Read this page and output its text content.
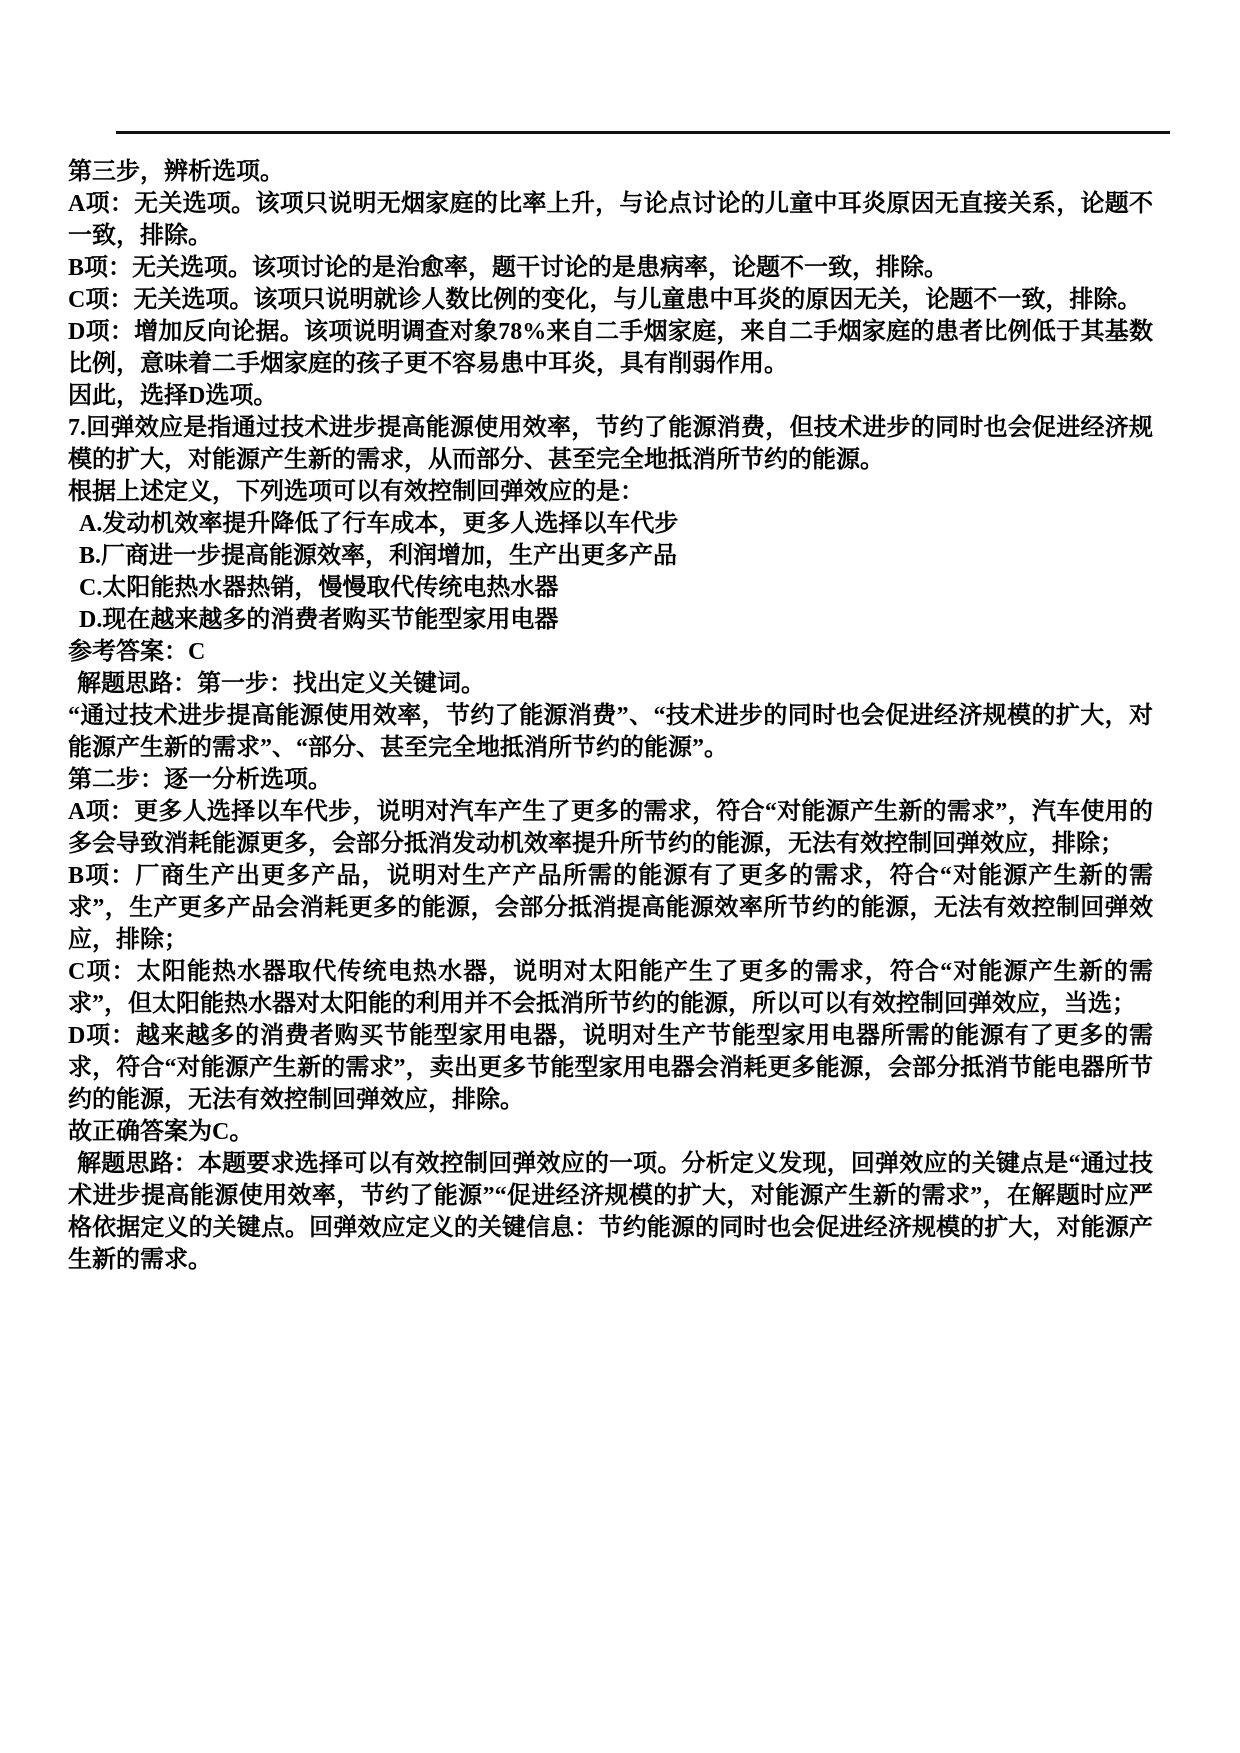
第三步，辨析选项。

A项：无关选项。该项只说明无烟家庭的比率上升，与论点讨论的儿童中耳炎原因无直接关系，论题不一致，排除。

B项：无关选项。该项讨论的是治愈率，题干讨论的是患病率，论题不一致，排除。

C项：无关选项。该项只说明就诊人数比例的变化，与儿童患中耳炎的原因无关，论题不一致，排除。

D项：增加反向论据。该项说明调查对象78%来自二手烟家庭，来自二手烟家庭的患者比例低于其基数比例，意味着二手烟家庭的孩子更不容易患中耳炎，具有削弱作用。

因此，选择D选项。

7.回弹效应是指通过技术进步提高能源使用效率，节约了能源消费，但技术进步的同时也会促进经济规模的扩大，对能源产生新的需求，从而部分、甚至完全地抵消所节约的能源。

根据上述定义，下列选项可以有效控制回弹效应的是：

A.发动机效率提升降低了行车成本，更多人选择以车代步

B.厂商进一步提高能源效率，利润增加，生产出更多产品

C.太阳能热水器热销，慢慢取代传统电热水器

D.现在越来越多的消费者购买节能型家用电器

参考答案：C

解题思路：第一步：找出定义关键词。

“通过技术进步提高能源使用效率，节约了能源消费”、“技术进步的同时也会促进经济规模的扩大，对能源产生新的需求”、“部分、甚至完全地抵消所节约的能源”。

第二步：逐一分析选项。

A项：更多人选择以车代步，说明对汽车产生了更多的需求，符合“对能源产生新的需求”，汽车使用的多会导致消耗能源更多，会部分抵消发动机效率提升所节约的能源，无法有效控制回弹效应，排除；

B项：厂商生产出更多产品，说明对生产产品所需的能源有了更多的需求，符合“对能源产生新的需求”，生产更多产品会消耗更多的能源，会部分抵消提高能源效率所节约的能源，无法有效控制回弹效应，排除；

C项：太阳能热水器取代传统电热水器，说明对太阳能产生了更多的需求，符合“对能源产生新的需求”，但太阳能热水器对太阳能的利用并不会抵消所节约的能源，所以可以有效控制回弹效应，当选；

D项：越来越多的消费者购买节能型家用电器，说明对生产节能型家用电器所需的能源有了更多的需求，符合“对能源产生新的需求”，卖出更多节能型家用电器会消耗更多能源，会部分抵消节能电器所节约的能源，无法有效控制回弹效应，排除。

故正确答案为C。

解题思路：本题要求选择可以有效控制回弹效应的一项。分析定义发现，回弹效应的关键点是“通过技术进步提高能源使用效率，节约了能源”“促进经济规模的扩大，对能源产生新的需求”，在解题时应严格依据定义的关键点。回弹效应定义的关键信息：节约能源的同时也会促进经济规模的扩大，对能源产生新的需求。
